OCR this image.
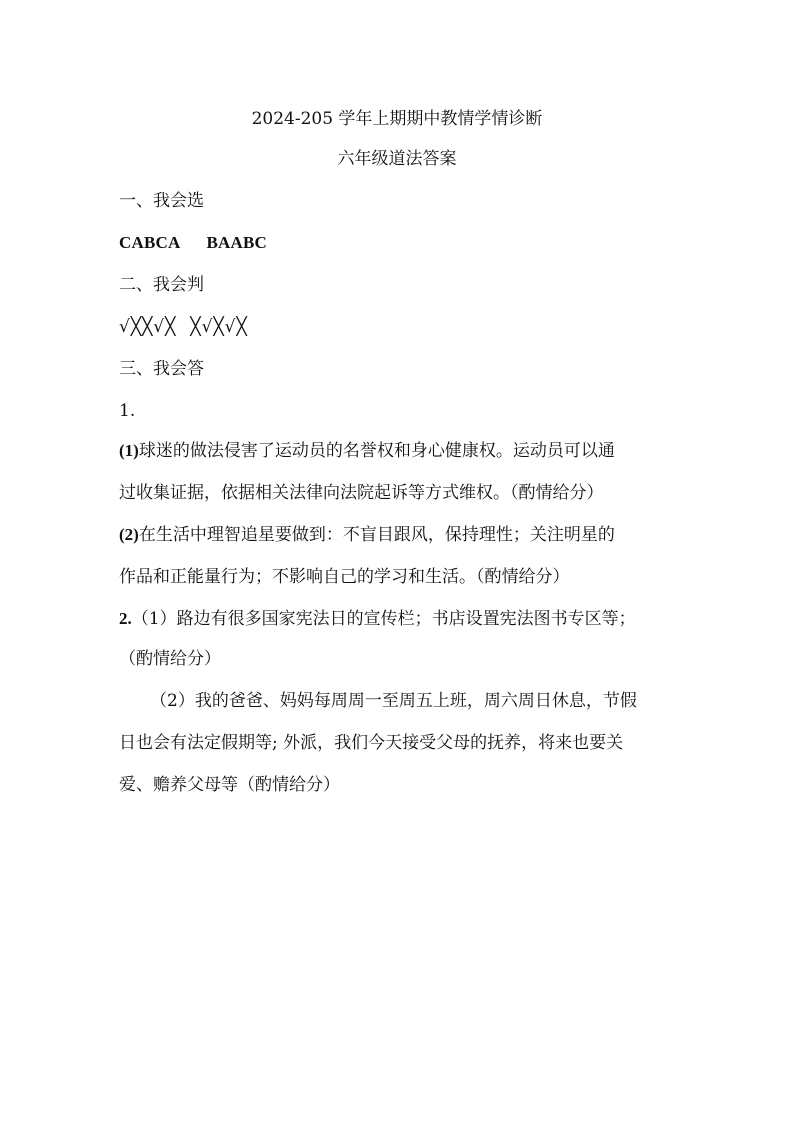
2024-205 学年上期期中教情学情诊断
六年级道法答案
一、我会选
CABCA BAABC
二、我会判
√╳╳√╳ ╳√╳√╳
三、我会答
1.
(1)球迷的做法侵害了运动员的名誉权和身心健康权。运动员可以通
过收集证据，依据相关法律向法院起诉等方式维权。（酌情给分）
(2)在生活中理智追星要做到：不盲目跟风，保持理性；关注明星的
作品和正能量行为；不影响自己的学习和生活。（酌情给分）
2.（1）路边有很多国家宪法日的宣传栏；书店设置宪法图书专区等；
（酌情给分）
（2）我的爸爸、妈妈每周周一至周五上班，周六周日休息，节假
日也会有法定假期等; 外派，我们今天接受父母的抚养，将来也要关
爱、赡养父母等（酌情给分）
